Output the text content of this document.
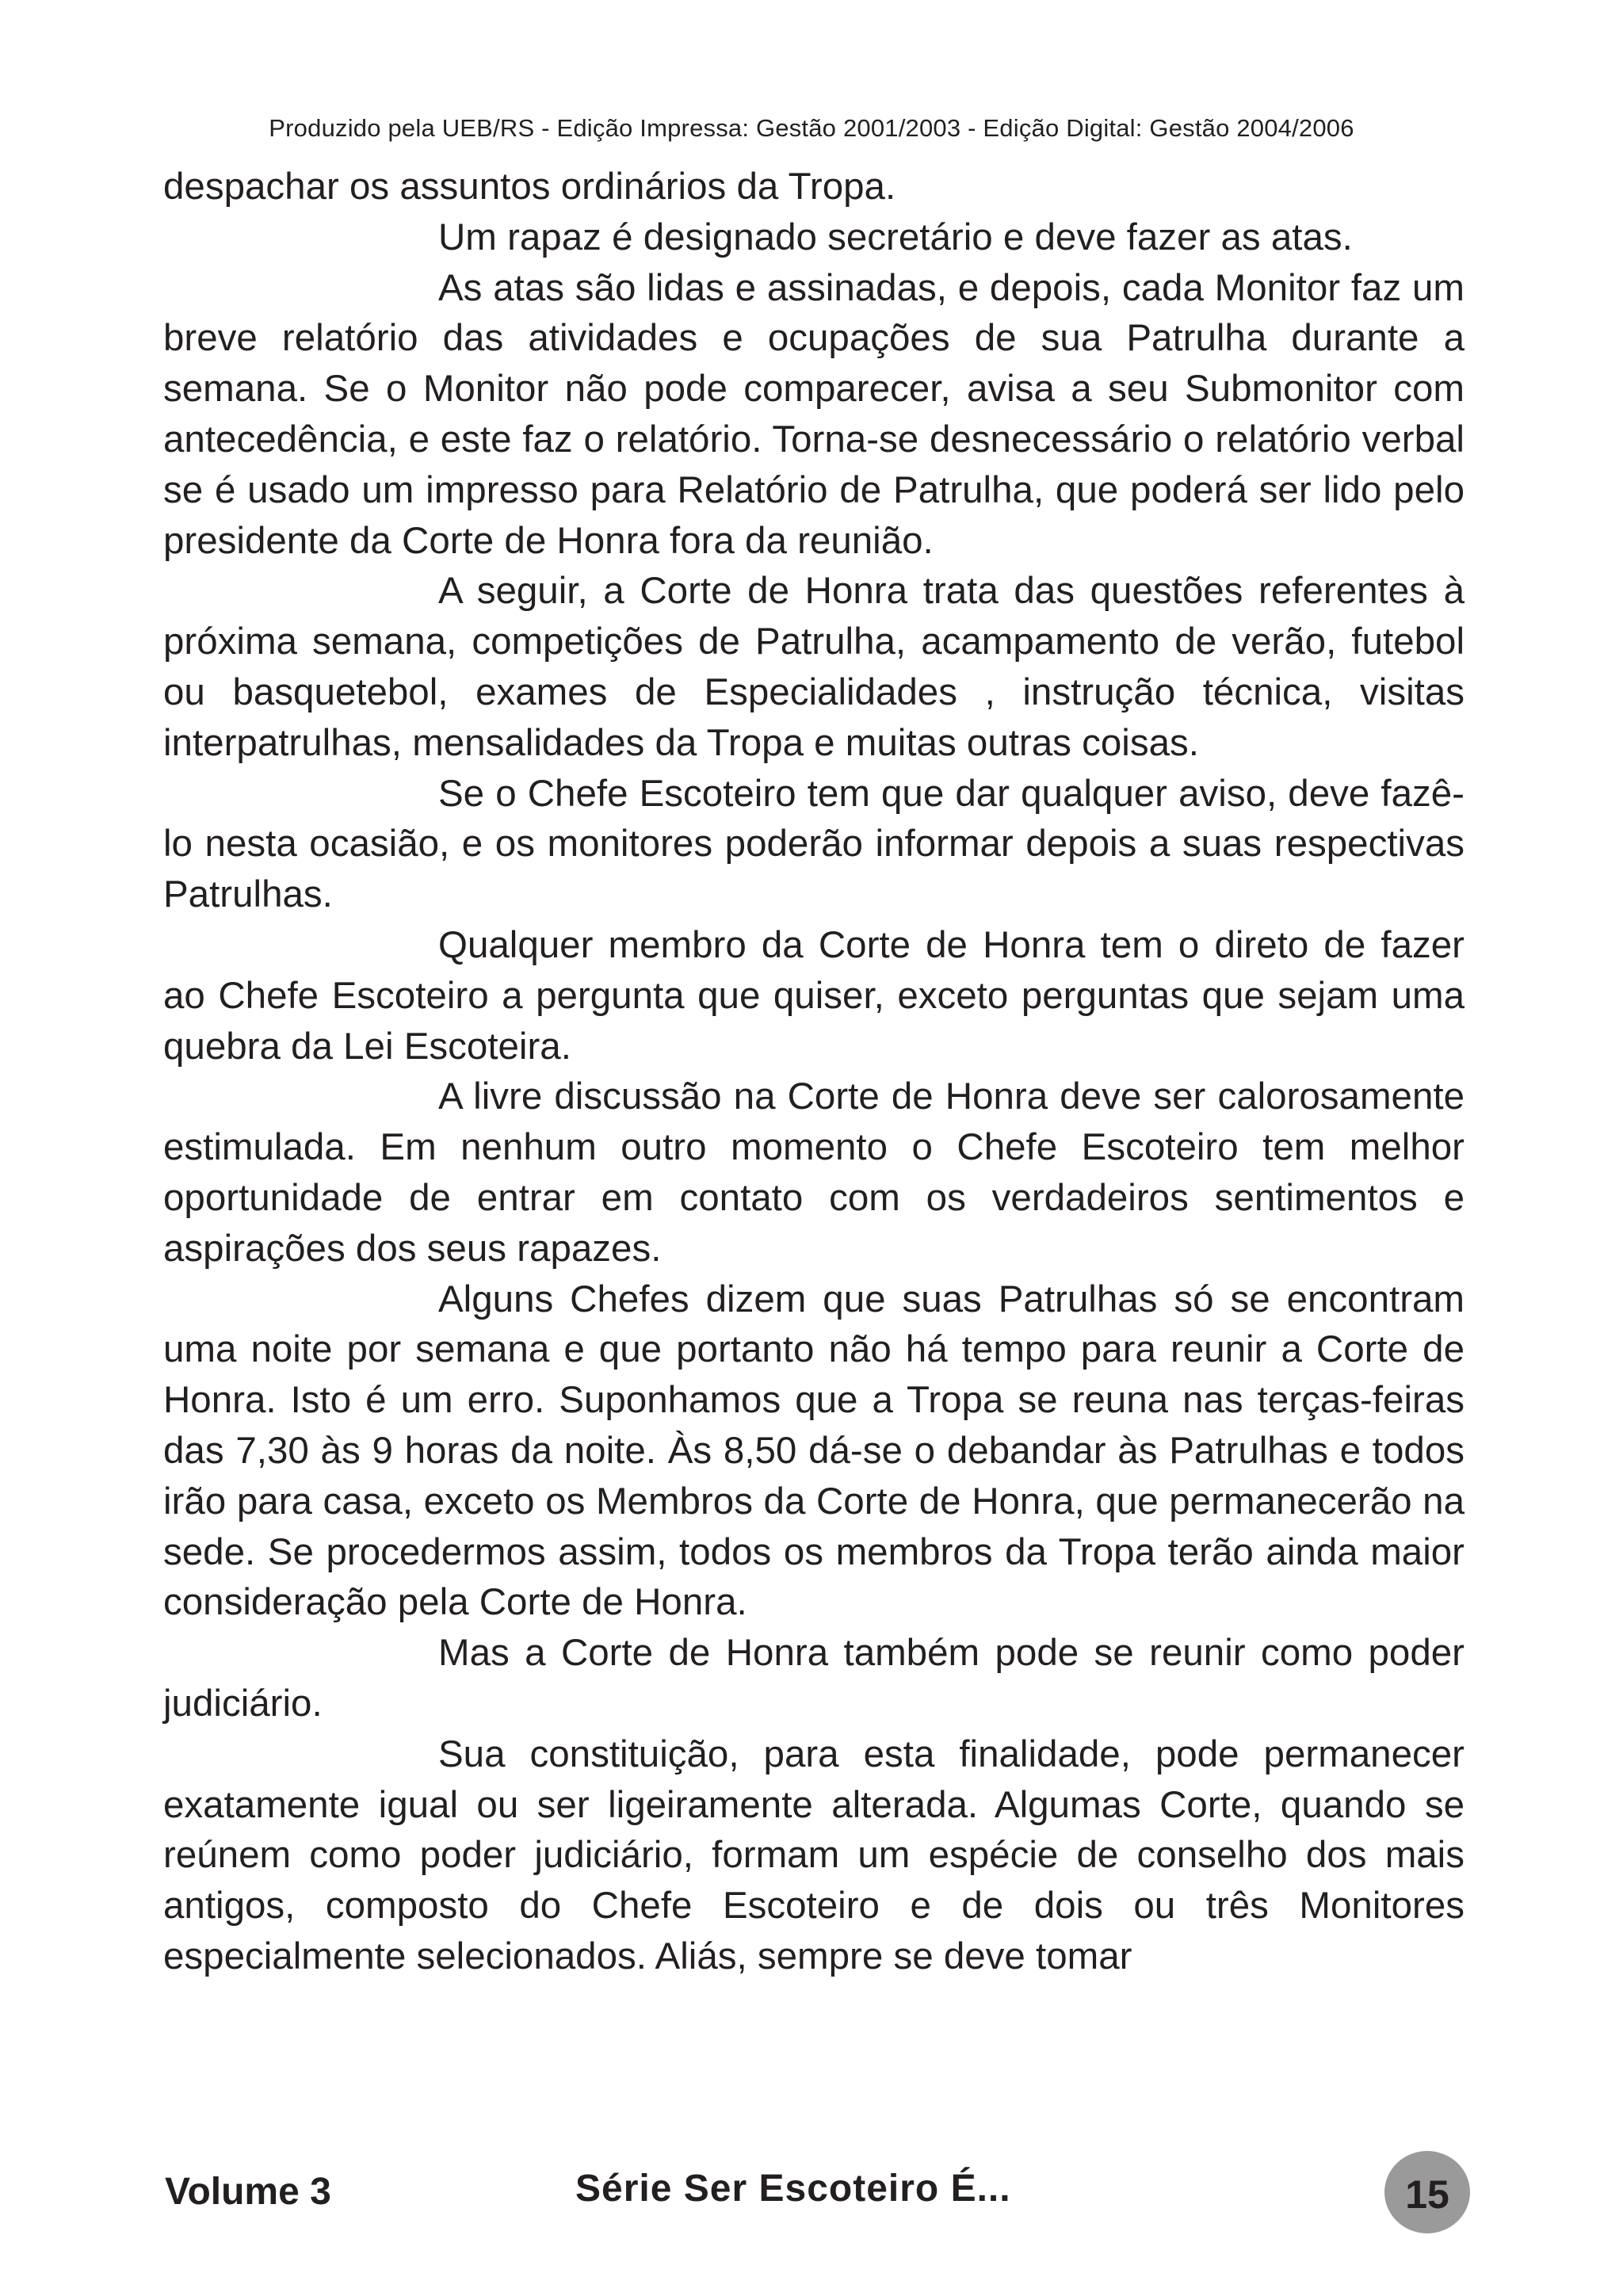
Produzido pela UEB/RS - Edição Impressa: Gestão 2001/2003 - Edição Digital: Gestão 2004/2006

despachar os assuntos ordinários da Tropa.

Um rapaz é designado secretário e deve fazer as atas.

As atas são lidas e assinadas, e depois, cada Monitor faz um breve relatório das atividades e ocupações de sua Patrulha durante a semana. Se o Monitor não pode comparecer, avisa a seu Submonitor com antecedência, e este faz o relatório. Torna-se desnecessário o relatório verbal se é usado um impresso para Relatório de Patrulha, que poderá ser lido pelo presidente da Corte de Honra fora da reunião.

A seguir, a Corte de Honra trata das questões referentes à próxima semana, competições de Patrulha, acampamento de verão, futebol ou basquetebol, exames de Especialidades , instrução técnica, visitas interpatrulhas, mensalidades da Tropa e muitas outras coisas.

Se o Chefe Escoteiro tem que dar qualquer aviso, deve fazê-lo nesta ocasião, e os monitores poderão informar depois a suas respectivas Patrulhas.

Qualquer membro da Corte de Honra tem o direto de fazer ao Chefe Escoteiro a pergunta que quiser, exceto perguntas que sejam uma quebra da Lei Escoteira.

A livre discussão na Corte de Honra deve ser calorosamente estimulada. Em nenhum outro momento o Chefe Escoteiro tem melhor oportunidade de entrar em contato com os verdadeiros sentimentos e aspirações dos seus rapazes.

Alguns Chefes dizem que suas Patrulhas só se encontram uma noite por semana e que portanto não há tempo para reunir a Corte de Honra. Isto é um erro. Suponhamos que a Tropa se reuna nas terças-feiras das 7,30 às 9 horas da noite. Às 8,50 dá-se o debandar às Patrulhas e todos irão para casa, exceto os Membros da Corte de Honra, que permanecerão na sede. Se procedermos assim, todos os membros da Tropa terão ainda maior consideração pela Corte de Honra.

Mas a Corte de Honra também pode se reunir como poder judiciário.

Sua constituição, para esta finalidade, pode permanecer exatamente igual ou ser ligeiramente alterada. Algumas Corte, quando se reúnem como poder judiciário, formam um espécie de conselho dos mais antigos, composto do Chefe Escoteiro e de dois ou três Monitores especialmente selecionados. Aliás, sempre se deve tomar

Volume 3	Série Ser Escoteiro É...	15
